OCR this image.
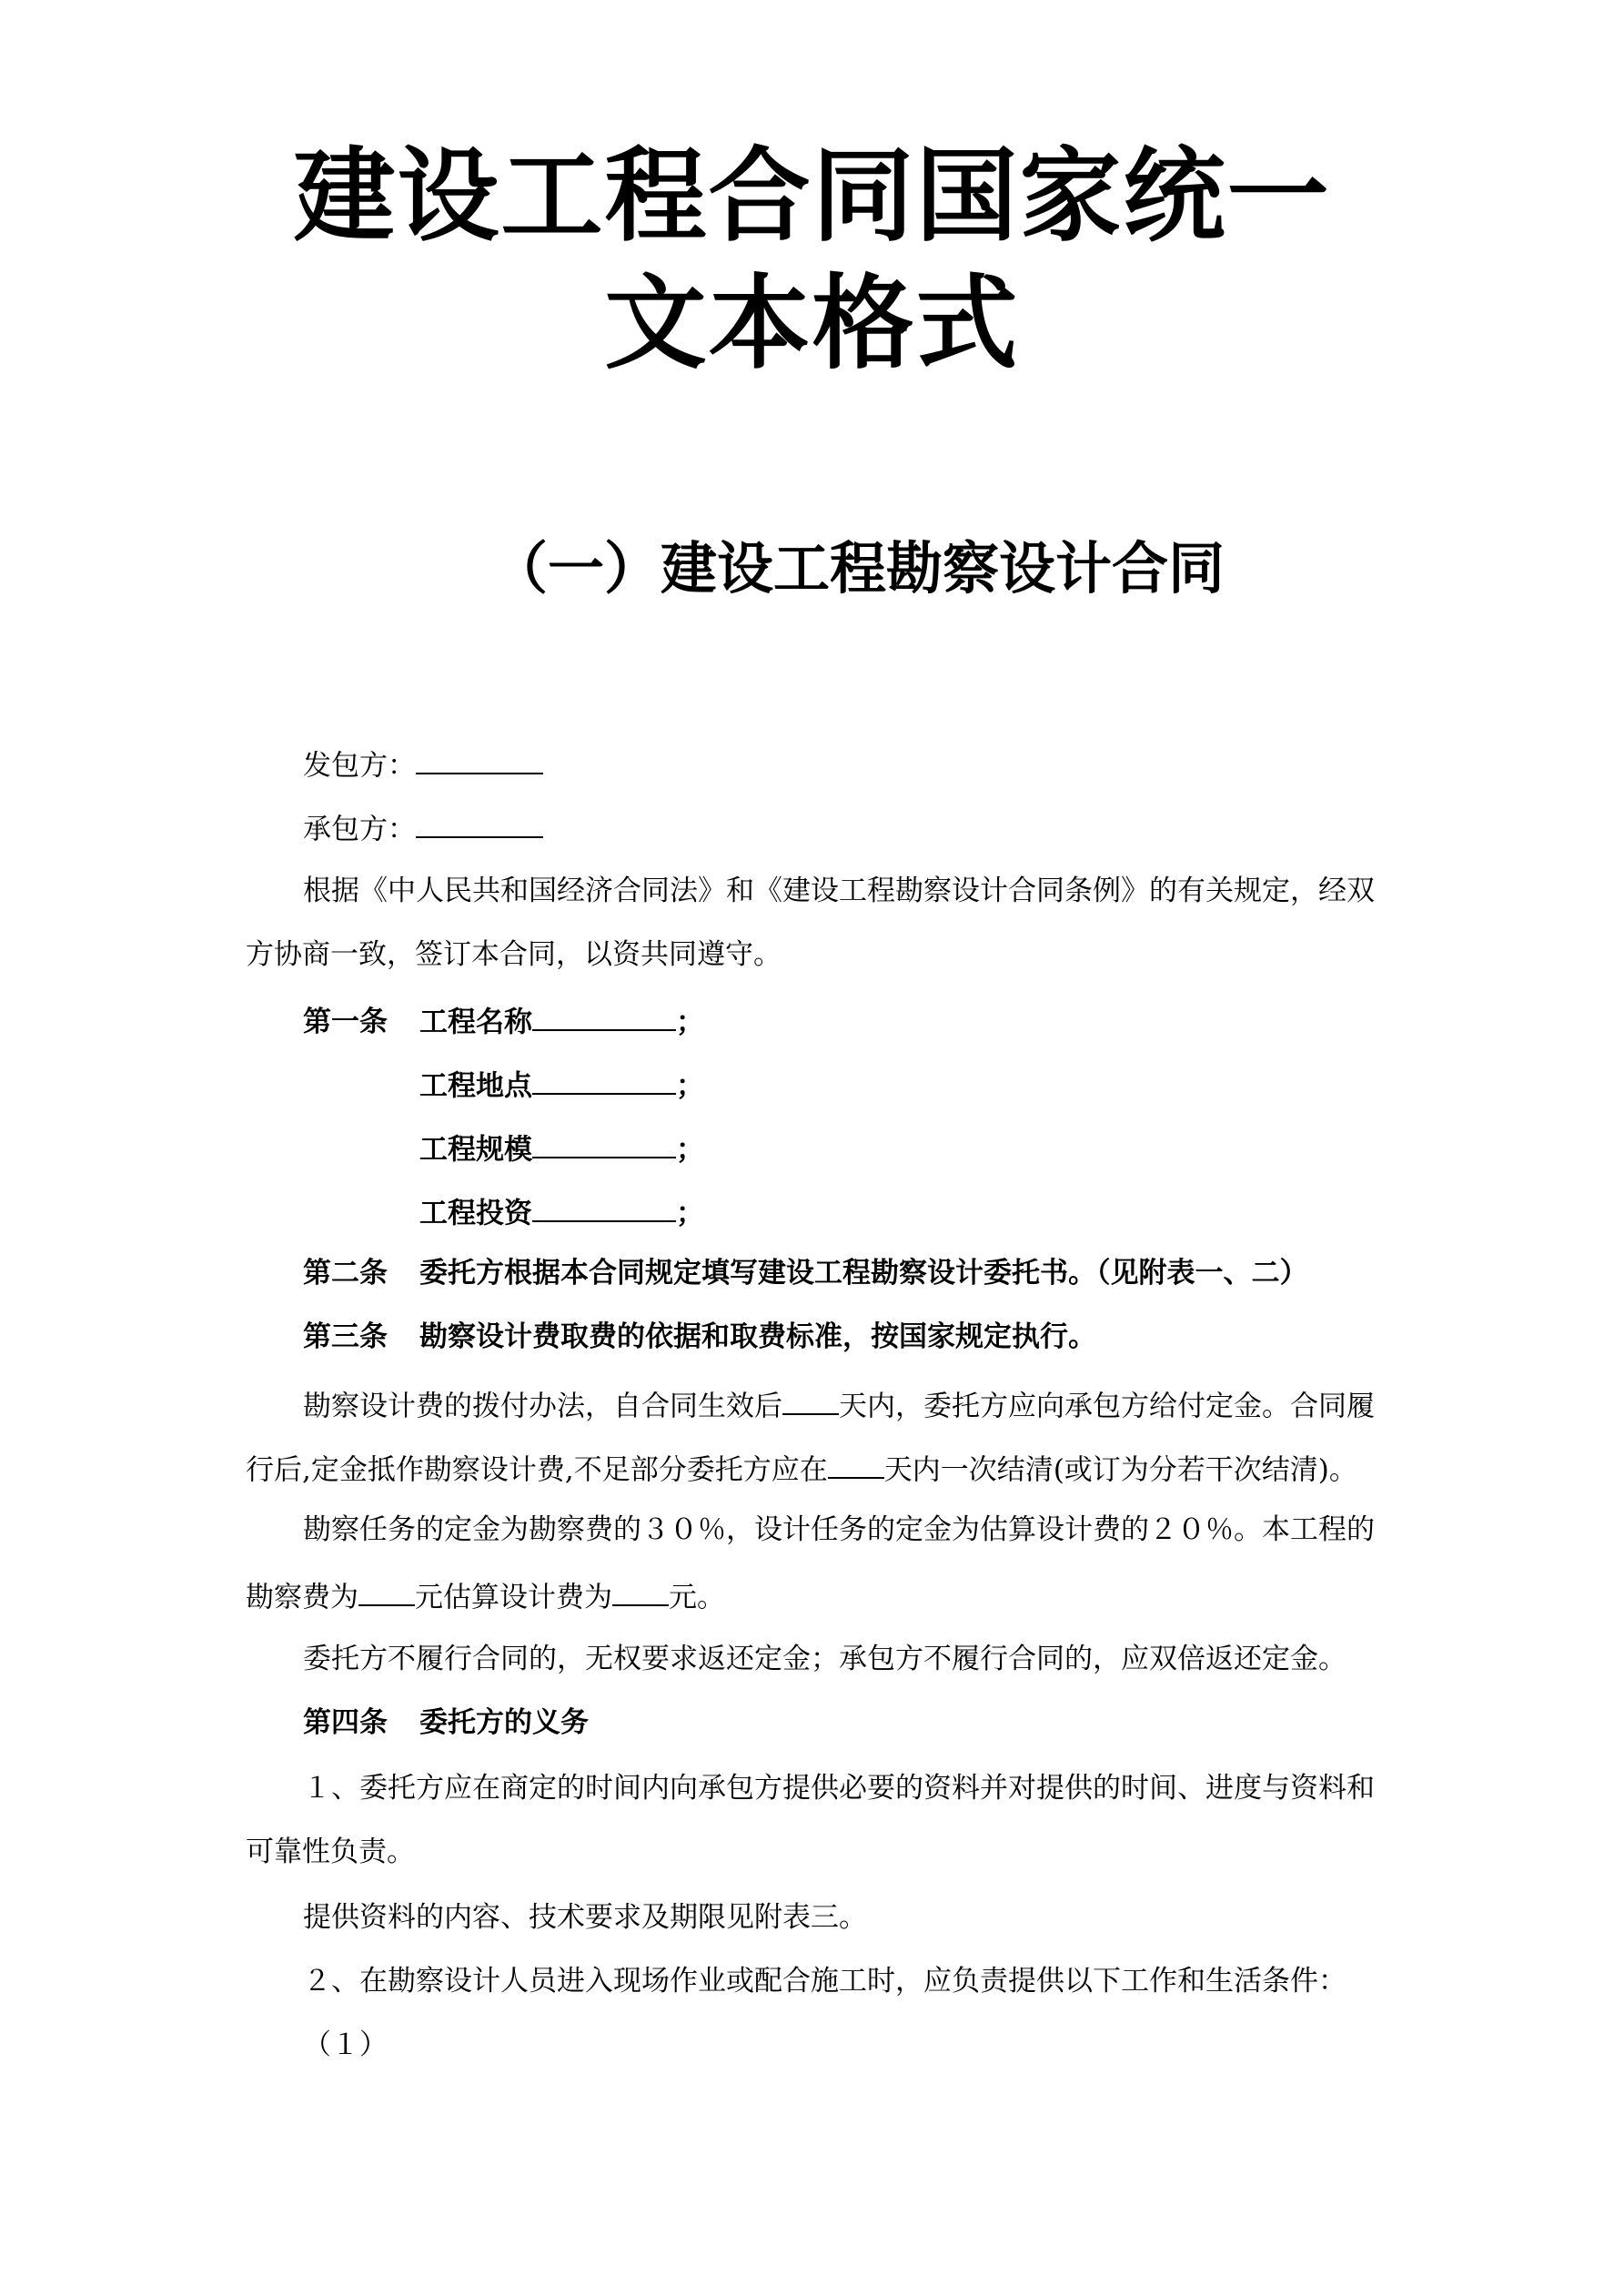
建设工程合同国家统一
文本格式
（一）建设工程勘察设计合同
发包方：
承包方：
根据《中人民共和国经济合同法》和《建设工程勘察设计合同条例》的有关规定，经双
方协商一致，签订本合同，以资共同遵守。
第一条 工程名称	；
工程地点	；
工程规模	；
工程投资	；
第二条 委托方根据本合同规定填写建设工程勘察设计委托书。（见附表一、二）
第三条 勘察设计费取费的依据和取费标准，按国家规定执行。
勘察设计费的拨付办法，自合同生效后 天内，委托方应向承包方给付定金。合同履
行后,定金抵作勘察设计费,不足部分委托方应在 天内一次结清(或订为分若干次结清)。
勘察任务的定金为勘察费的３０％，设计任务的定金为估算设计费的２０％。本工程的
勘察费为 元估算设计费为 元。
委托方不履行合同的，无权要求返还定金；承包方不履行合同的，应双倍返还定金。
第四条 委托方的义务
１、委托方应在商定的时间内向承包方提供必要的资料并对提供的时间、进度与资料和
可靠性负责。
提供资料的内容、技术要求及期限见附表三。
２、在勘察设计人员进入现场作业或配合施工时，应负责提供以下工作和生活条件：
（１）
